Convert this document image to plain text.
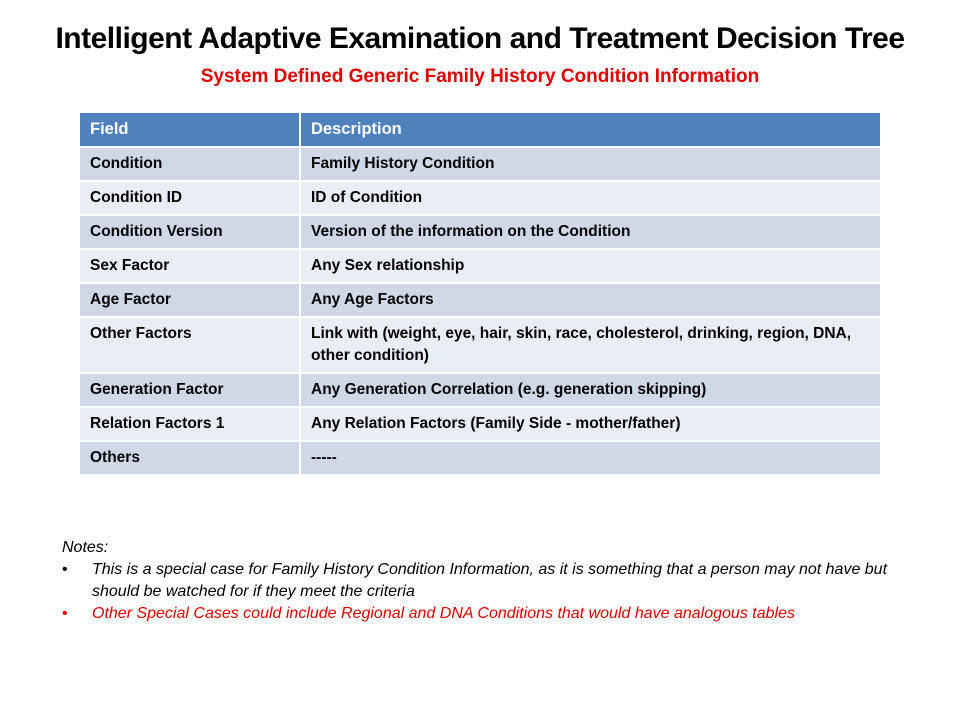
Intelligent Adaptive Examination and Treatment Decision Tree
System Defined Generic Family History Condition Information
Field	Description
Condition	Family History Condition
Condition ID	ID of Condition
Condition Version	Version of the information on the Condition
Sex Factor	Any Sex relationship
Age Factor	Any Age Factors
Other Factors	Link with (weight, eye, hair, skin, race, cholesterol, drinking, region, DNA, other condition)
Generation Factor	Any Generation Correlation (e.g. generation skipping)
Relation Factors 1	Any Relation Factors (Family Side - mother/father)
Others	-----
Notes:
• This is a special case for Family History Condition Information, as it is something that a person may not have but should be watched for if they meet the criteria
• Other Special Cases could include Regional and DNA Conditions that would have analogous tables
